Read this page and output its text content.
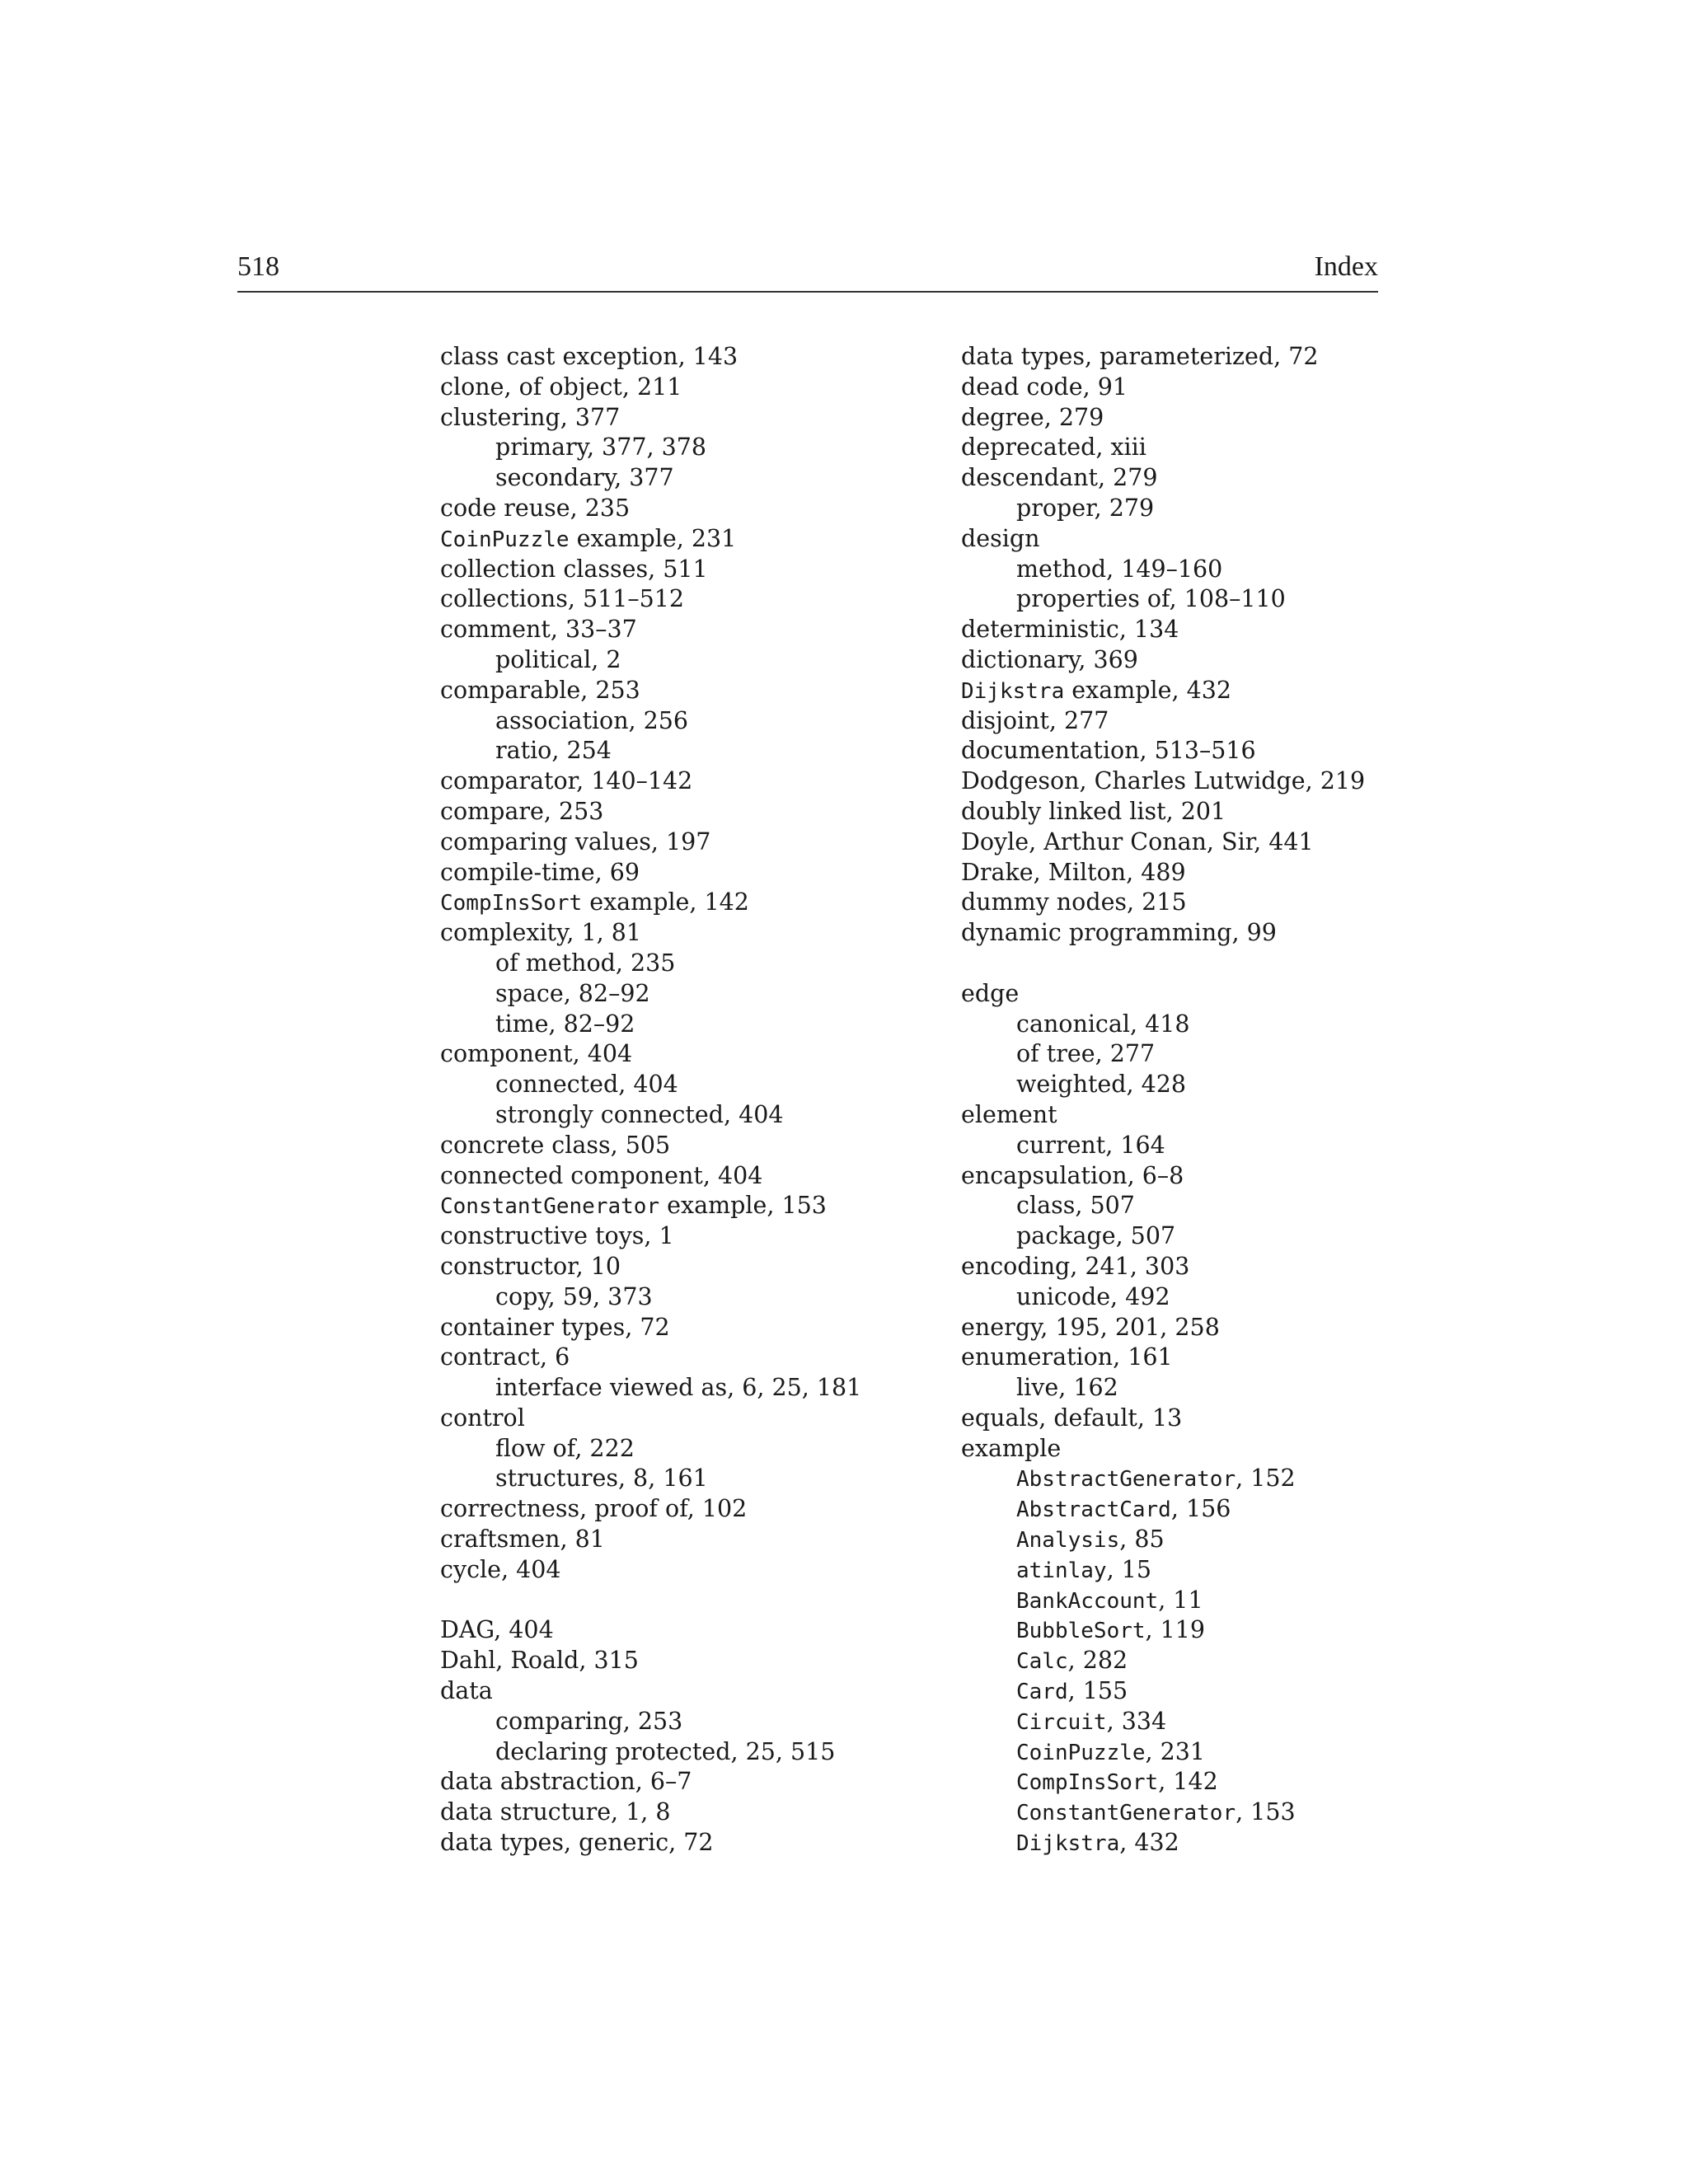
518	Index
class cast exception, 143
clone, of object, 211
clustering, 377
primary, 377, 378
secondary, 377
code reuse, 235
CoinPuzzle example, 231
collection classes, 511
collections, 511–512
comment, 33–37
political, 2
comparable, 253
association, 256
ratio, 254
comparator, 140–142
compare, 253
comparing values, 197
compile-time, 69
CompInsSort example, 142
complexity, 1, 81
of method, 235
space, 82–92
time, 82–92
component, 404
connected, 404
strongly connected, 404
concrete class, 505
connected component, 404
ConstantGenerator example, 153
constructive toys, 1
constructor, 10
copy, 59, 373
container types, 72
contract, 6
interface viewed as, 6, 25, 181
control
flow of, 222
structures, 8, 161
correctness, proof of, 102
craftsmen, 81
cycle, 404
DAG, 404
Dahl, Roald, 315
data
comparing, 253
declaring protected, 25, 515
data abstraction, 6–7
data structure, 1, 8
data types, generic, 72
data types, parameterized, 72
dead code, 91
degree, 279
deprecated, xiii
descendant, 279
proper, 279
design
method, 149–160
properties of, 108–110
deterministic, 134
dictionary, 369
Dijkstra example, 432
disjoint, 277
documentation, 513–516
Dodgeson, Charles Lutwidge, 219
doubly linked list, 201
Doyle, Arthur Conan, Sir, 441
Drake, Milton, 489
dummy nodes, 215
dynamic programming, 99
edge
canonical, 418
of tree, 277
weighted, 428
element
current, 164
encapsulation, 6–8
class, 507
package, 507
encoding, 241, 303
unicode, 492
energy, 195, 201, 258
enumeration, 161
live, 162
equals, default, 13
example
AbstractGenerator, 152
AbstractCard, 156
Analysis, 85
atinlay, 15
BankAccount, 11
BubbleSort, 119
Calc, 282
Card, 155
Circuit, 334
CoinPuzzle, 231
CompInsSort, 142
ConstantGenerator, 153
Dijkstra, 432
